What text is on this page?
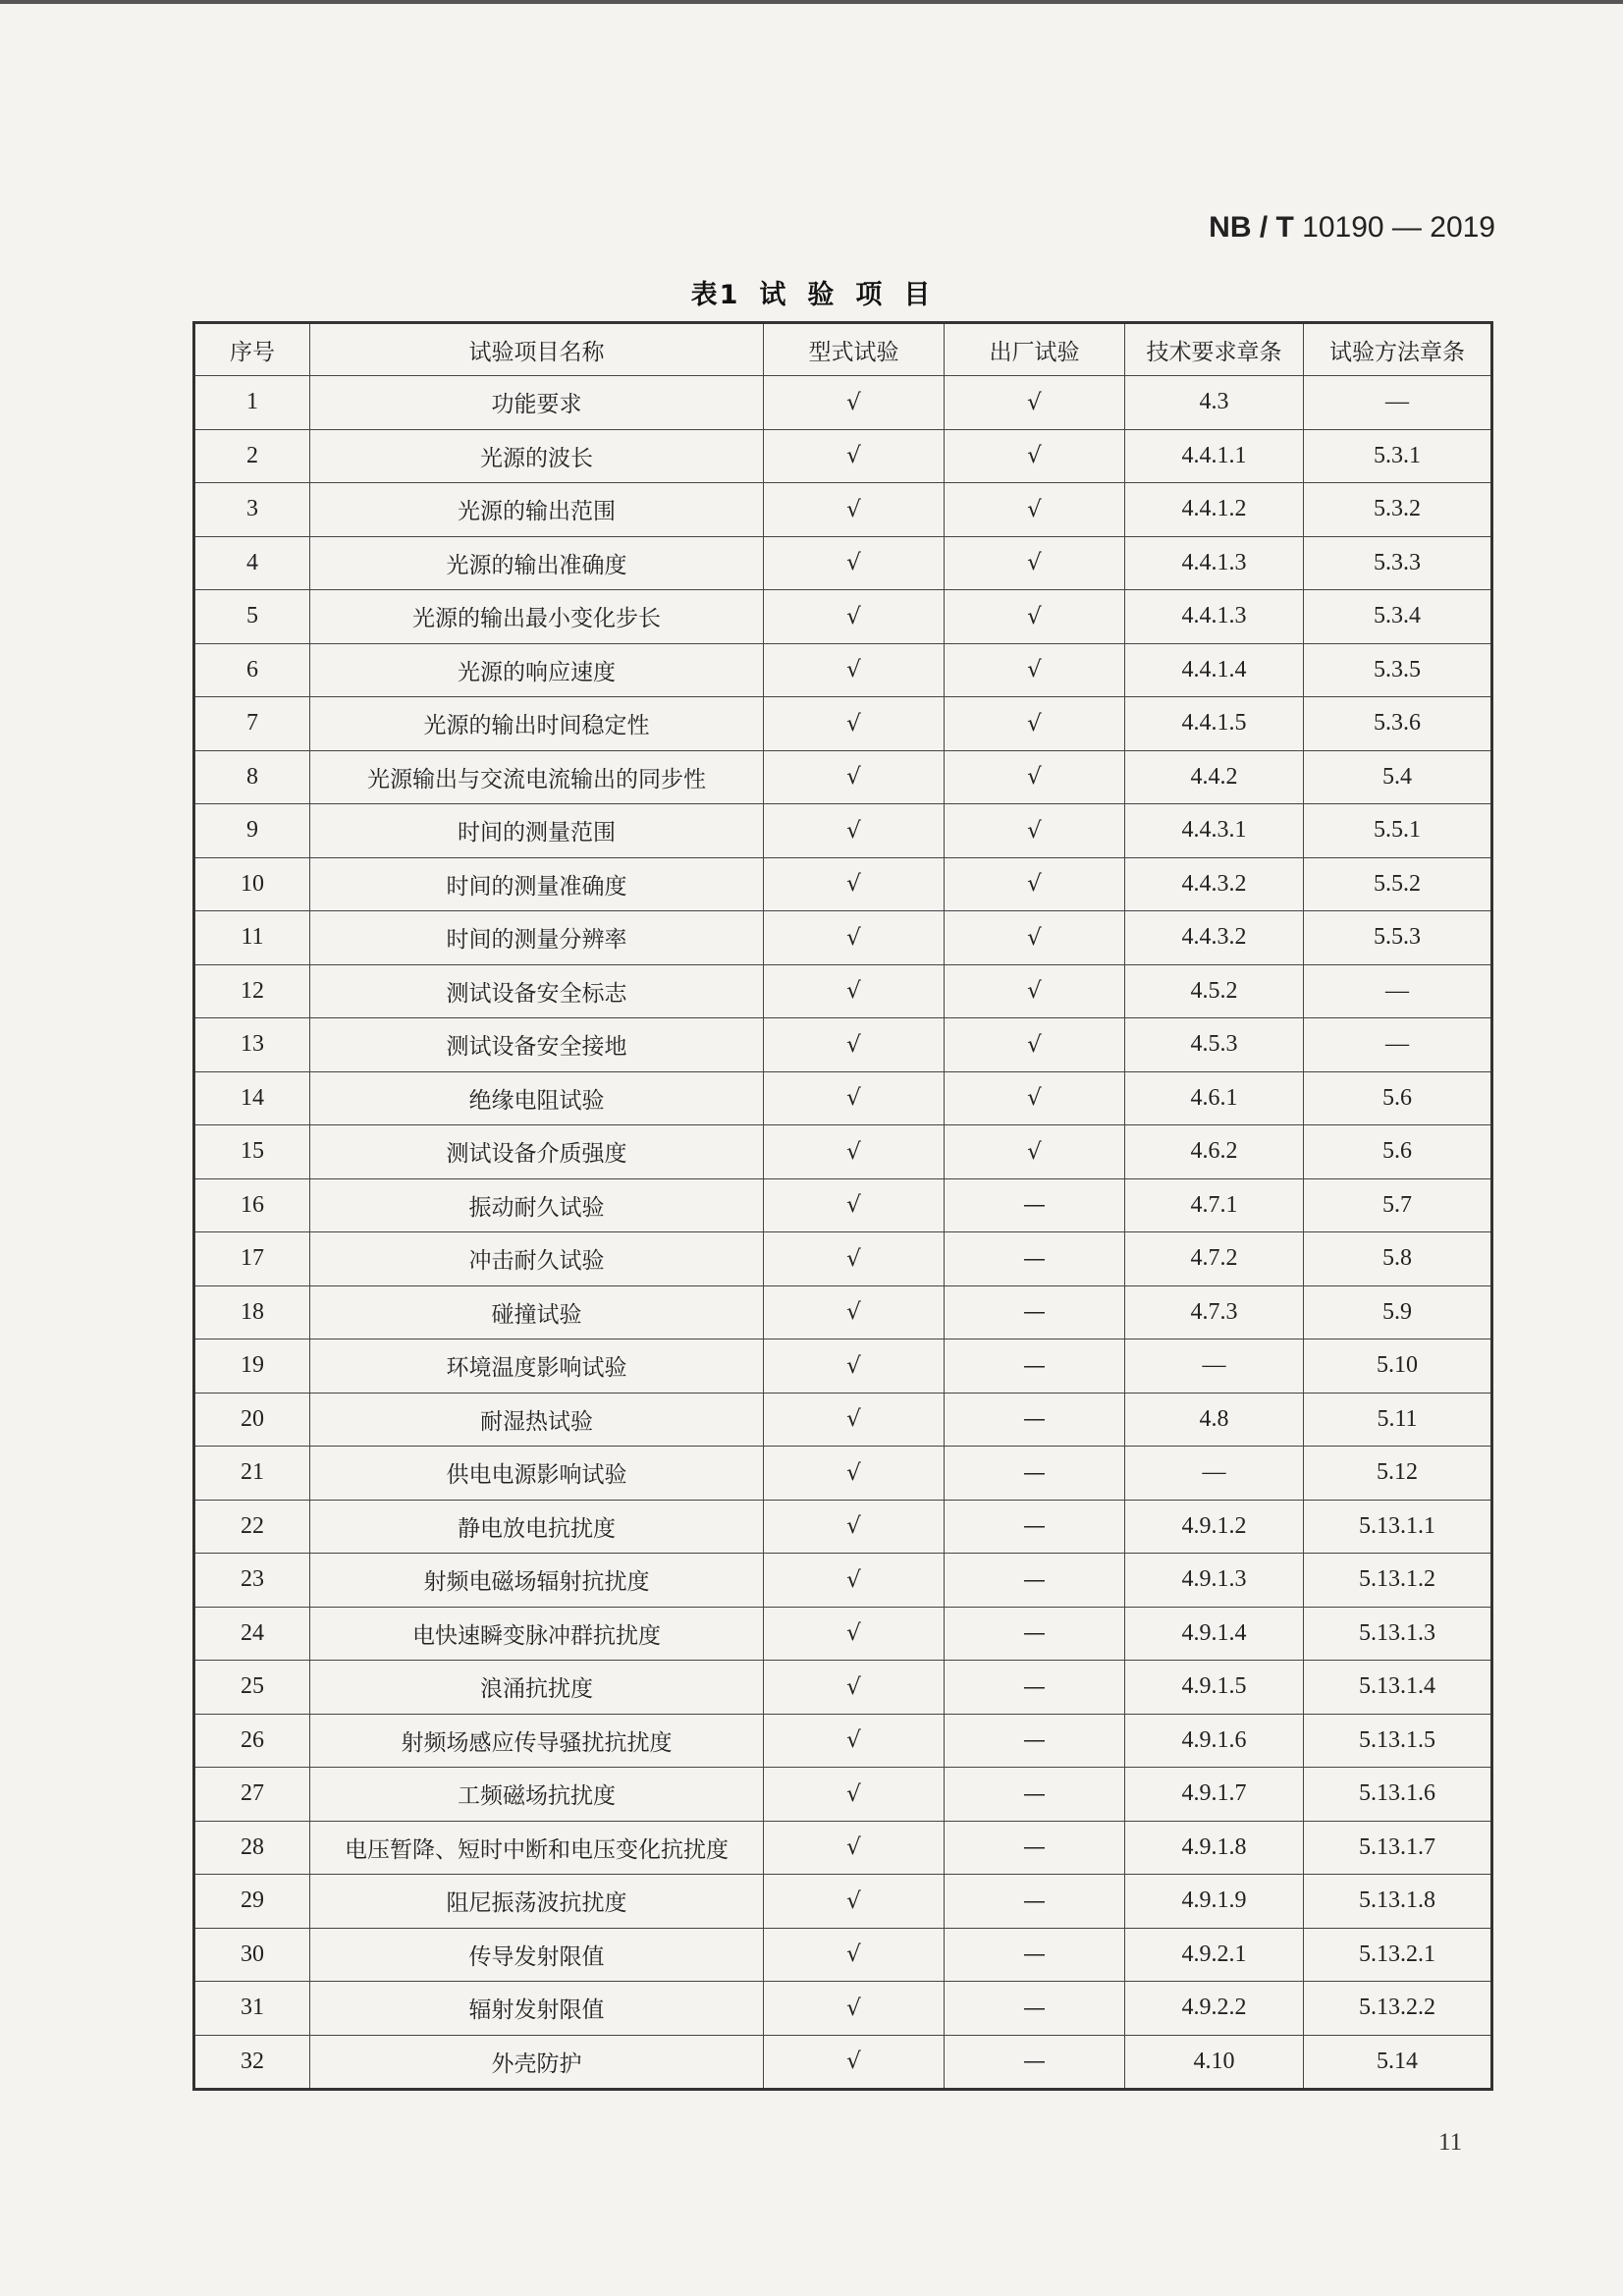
NB / T 10190 — 2019
表1 试 验 项 目
序号	试验项目名称	型式试验	出厂试验	技术要求章条	试验方法章条
1	功能要求	√	√	4.3	—
2	光源的波长	√	√	4.4.1.1	5.3.1
3	光源的输出范围	√	√	4.4.1.2	5.3.2
4	光源的输出准确度	√	√	4.4.1.3	5.3.3
5	光源的输出最小变化步长	√	√	4.4.1.3	5.3.4
6	光源的响应速度	√	√	4.4.1.4	5.3.5
7	光源的输出时间稳定性	√	√	4.4.1.5	5.3.6
8	光源输出与交流电流输出的同步性	√	√	4.4.2	5.4
9	时间的测量范围	√	√	4.4.3.1	5.5.1
10	时间的测量准确度	√	√	4.4.3.2	5.5.2
11	时间的测量分辨率	√	√	4.4.3.2	5.5.3
12	测试设备安全标志	√	√	4.5.2	—
13	测试设备安全接地	√	√	4.5.3	—
14	绝缘电阻试验	√	√	4.6.1	5.6
15	测试设备介质强度	√	√	4.6.2	5.6
16	振动耐久试验	√	—	4.7.1	5.7
17	冲击耐久试验	√	—	4.7.2	5.8
18	碰撞试验	√	—	4.7.3	5.9
19	环境温度影响试验	√	—	—	5.10
20	耐湿热试验	√	—	4.8	5.11
21	供电电源影响试验	√	—	—	5.12
22	静电放电抗扰度	√	—	4.9.1.2	5.13.1.1
23	射频电磁场辐射抗扰度	√	—	4.9.1.3	5.13.1.2
24	电快速瞬变脉冲群抗扰度	√	—	4.9.1.4	5.13.1.3
25	浪涌抗扰度	√	—	4.9.1.5	5.13.1.4
26	射频场感应传导骚扰抗扰度	√	—	4.9.1.6	5.13.1.5
27	工频磁场抗扰度	√	—	4.9.1.7	5.13.1.6
28	电压暂降、短时中断和电压变化抗扰度	√	—	4.9.1.8	5.13.1.7
29	阻尼振荡波抗扰度	√	—	4.9.1.9	5.13.1.8
30	传导发射限值	√	—	4.9.2.1	5.13.2.1
31	辐射发射限值	√	—	4.9.2.2	5.13.2.2
32	外壳防护	√	—	4.10	5.14
11
